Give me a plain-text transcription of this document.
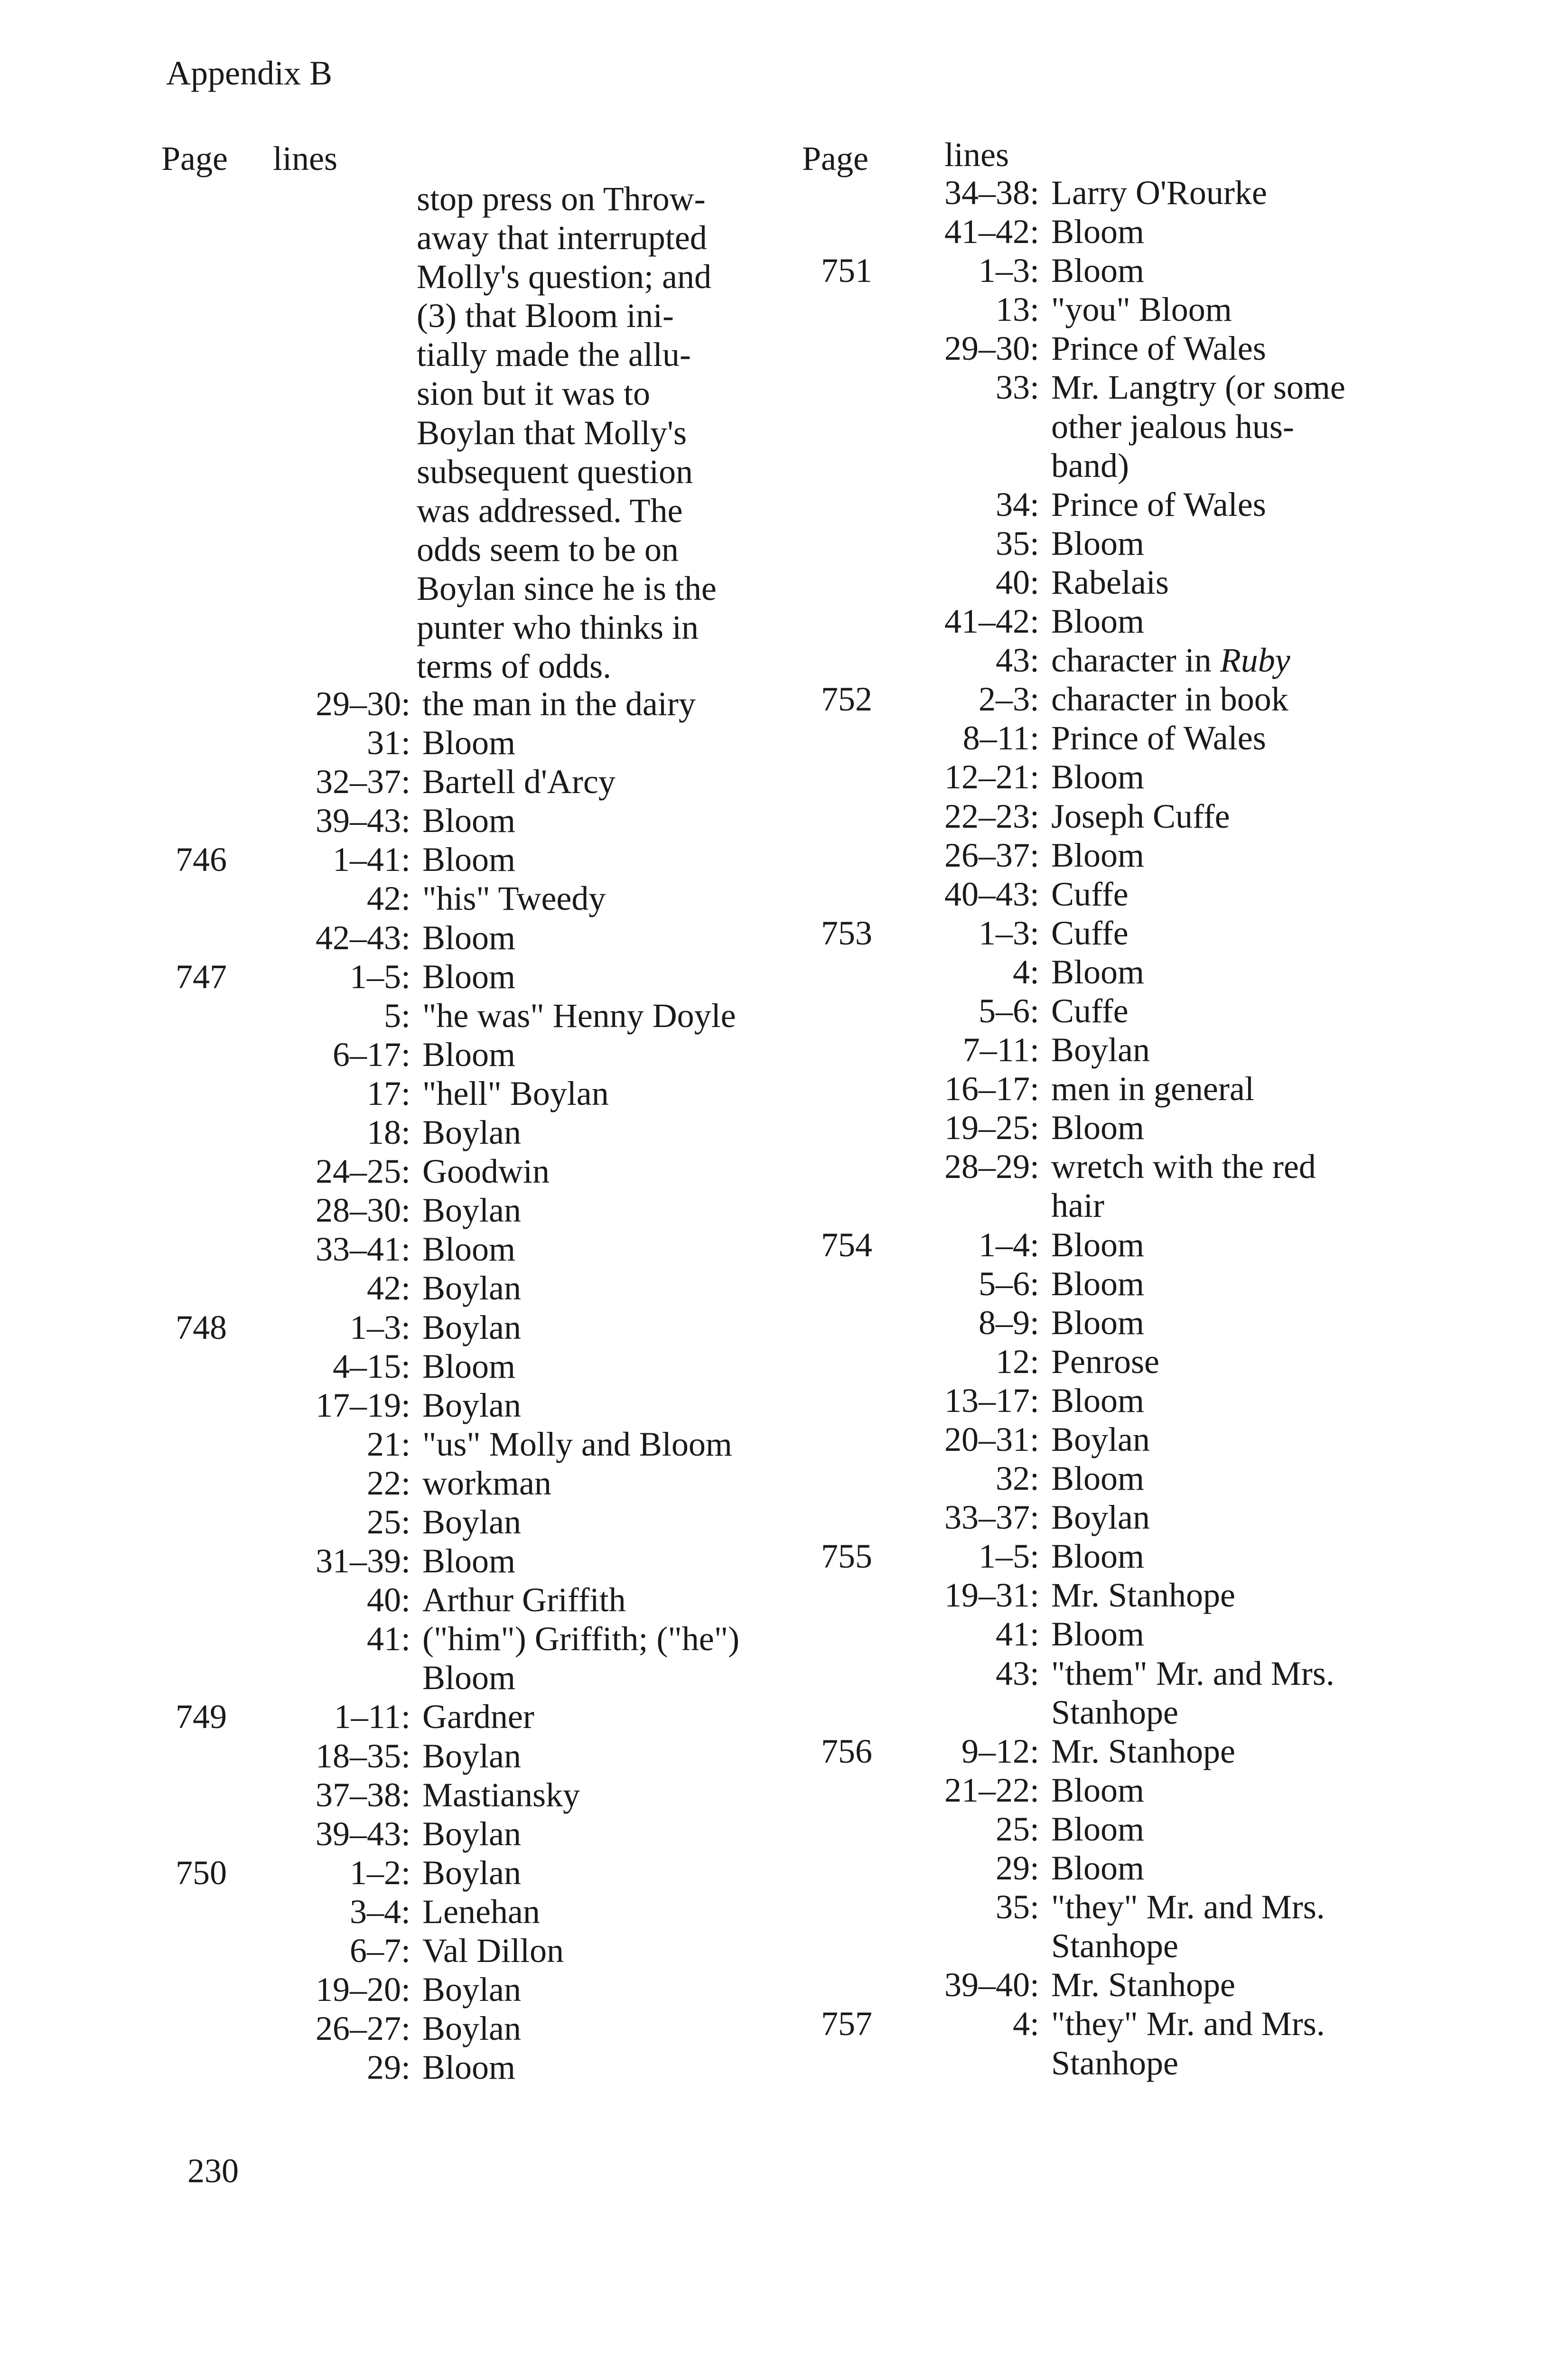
Appendix B
Page lines
stop press on Throw-
away that interrupted
Molly's question; and
(3) that Bloom ini-
tially made the allu-
sion but it was to
Boylan that Molly's
subsequent question
was addressed. The
odds seem to be on
Boylan since he is the
punter who thinks in
terms of odds.
29–30: the man in the dairy
31: Bloom
32–37: Bartell d'Arcy
39–43: Bloom
746	1–41: Bloom
42: "his" Tweedy
42–43: Bloom
747	1–5: Bloom
5: "he was" Henny Doyle
6–17: Bloom
17: "hell" Boylan
18: Boylan
24–25: Goodwin
28–30: Boylan
33–41: Bloom
42: Boylan
748	1–3: Boylan
4–15: Bloom
17–19: Boylan
21: "us" Molly and Bloom
22: workman
25: Boylan
31–39: Bloom
40: Arthur Griffith
41: ("him") Griffith; ("he")
Bloom
749	1–11: Gardner
18–35: Boylan
37–38: Mastiansky
39–43: Boylan
750	1–2: Boylan
3–4: Lenehan
6–7: Val Dillon
19–20: Boylan
26–27: Boylan
29: Bloom
Page lines
34–38: Larry O'Rourke
41–42: Bloom
751	1–3: Bloom
13: "you" Bloom
29–30: Prince of Wales
33: Mr. Langtry (or some
other jealous hus-
band)
34: Prince of Wales
35: Bloom
40: Rabelais
41–42: Bloom
43: character in Ruby
752	2–3: character in book
8–11: Prince of Wales
12–21: Bloom
22–23: Joseph Cuffe
26–37: Bloom
40–43: Cuffe
753	1–3: Cuffe
4: Bloom
5–6: Cuffe
7–11: Boylan
16–17: men in general
19–25: Bloom
28–29: wretch with the red
hair
754	1–4: Bloom
5–6: Bloom
8–9: Bloom
12: Penrose
13–17: Bloom
20–31: Boylan
32: Bloom
33–37: Boylan
755	1–5: Bloom
19–31: Mr. Stanhope
41: Bloom
43: "them" Mr. and Mrs.
Stanhope
756	9–12: Mr. Stanhope
21–22: Bloom
25: Bloom
29: Bloom
35: "they" Mr. and Mrs.
Stanhope
39–40: Mr. Stanhope
757	4: "they" Mr. and Mrs.
Stanhope
230
